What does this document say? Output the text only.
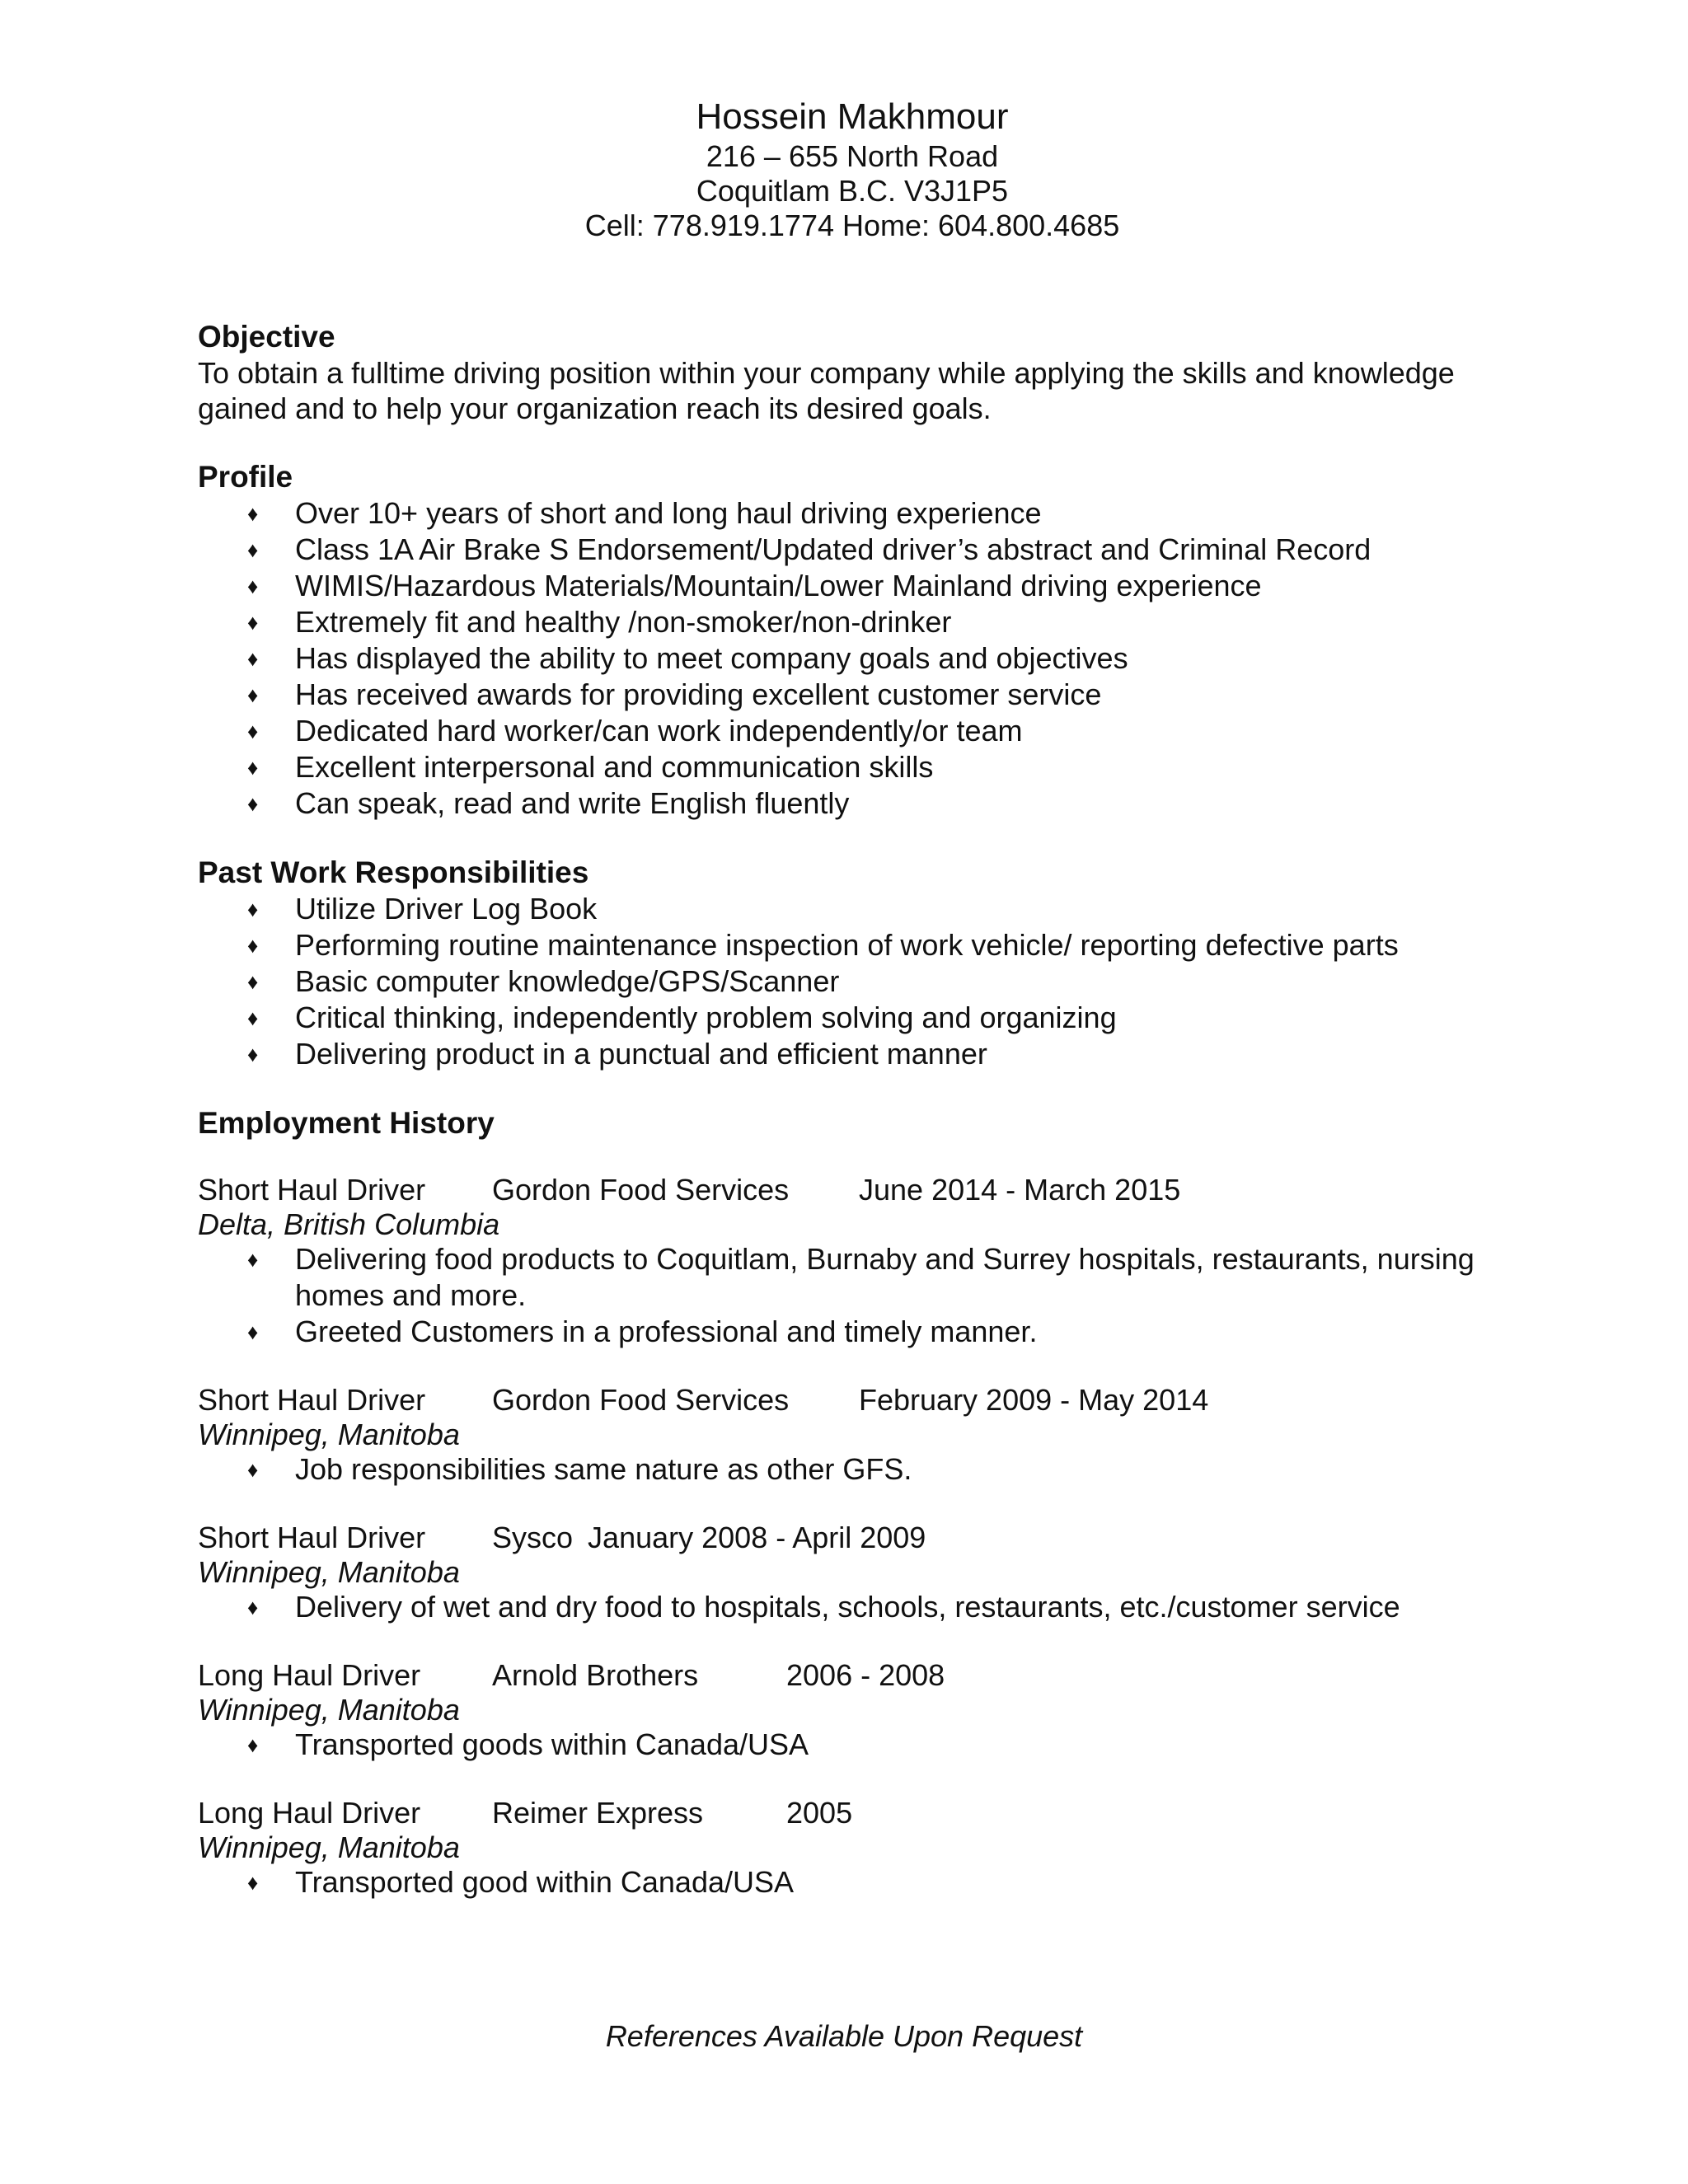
Hossein Makhmour
216 – 655 North Road
Coquitlam B.C. V3J1P5
Cell: 778.919.1774 Home: 604.800.4685
Objective

To obtain a fulltime driving position within your company while applying the skills and knowledge gained and to help your organization reach its desired goals.

Profile
♦ Over 10+ years of short and long haul driving experience
♦ Class 1A Air Brake S Endorsement/Updated driver’s abstract and Criminal Record
♦ WIMIS/Hazardous Materials/Mountain/Lower Mainland driving experience
♦ Extremely fit and healthy /non-smoker/non-drinker
♦ Has displayed the ability to meet company goals and objectives
♦ Has received awards for providing excellent customer service
♦ Dedicated hard worker/can work independently/or team
♦ Excellent interpersonal and communication skills
♦ Can speak, read and write English fluently
Past Work Responsibilities
♦ Utilize Driver Log Book
♦ Performing routine maintenance inspection of work vehicle/ reporting defective parts
♦ Basic computer knowledge/GPS/Scanner
♦ Critical thinking, independently problem solving and organizing
♦ Delivering product in a punctual and efficient manner
Employment History
Short Haul Driver Gordon Food Services June 2014 - March 2015
Delta, British Columbia
♦ Delivering food products to Coquitlam, Burnaby and Surrey hospitals, restaurants, nursing homes and more.
♦ Greeted Customers in a professional and timely manner.
Short Haul Driver Gordon Food Services February 2009 - May 2014
Winnipeg, Manitoba
♦ Job responsibilities same nature as other GFS.
Short Haul Driver Sysco January 2008 - April 2009
Winnipeg, Manitoba
♦ Delivery of wet and dry food to hospitals, schools, restaurants, etc./customer service
Long Haul Driver Arnold Brothers	2006 - 2008
Winnipeg, Manitoba
♦ Transported goods within Canada/USA
Long Haul Driver Reimer Express	2005
Winnipeg, Manitoba
♦ Transported good within Canada/USA
References Available Upon Request
